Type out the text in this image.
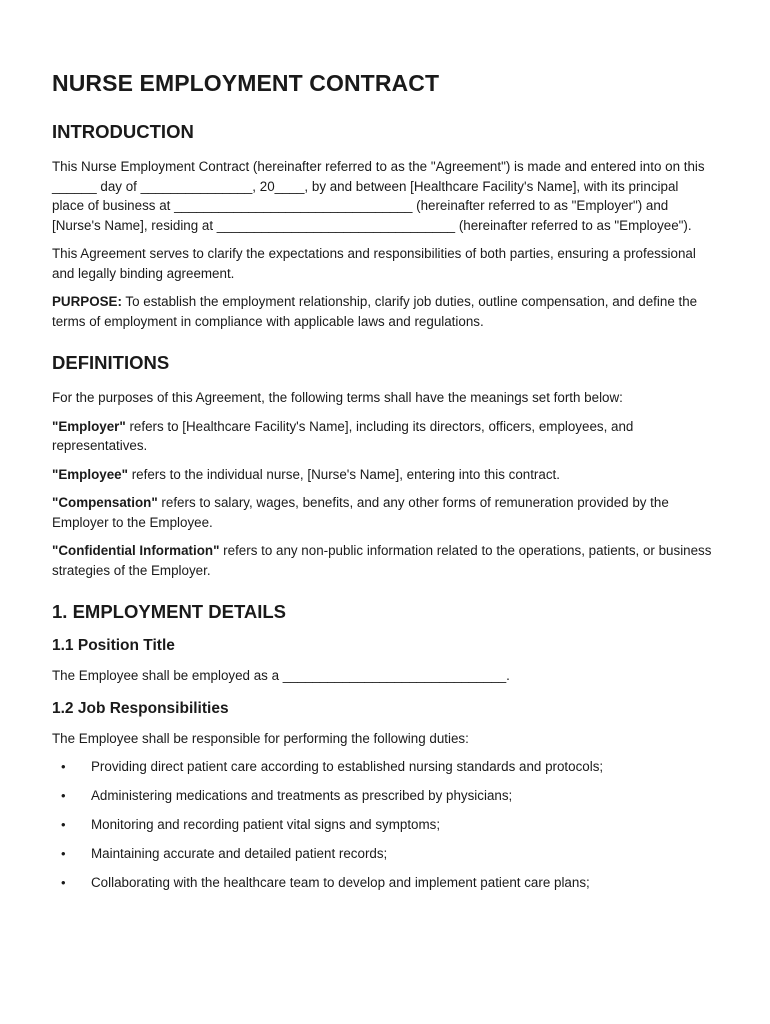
NURSE EMPLOYMENT CONTRACT
INTRODUCTION

This Nurse Employment Contract (hereinafter referred to as the "Agreement") is made and entered into on this ______ day of _______________, 20____, by and between [Healthcare Facility's Name], with its principal place of business at ________________________________ (hereinafter referred to as "Employer") and [Nurse's Name], residing at ________________________________ (hereinafter referred to as "Employee").

This Agreement serves to clarify the expectations and responsibilities of both parties, ensuring a professional and legally binding agreement.

PURPOSE: To establish the employment relationship, clarify job duties, outline compensation, and define the terms of employment in compliance with applicable laws and regulations.

DEFINITIONS

For the purposes of this Agreement, the following terms shall have the meanings set forth below:

"Employer" refers to [Healthcare Facility's Name], including its directors, officers, employees, and representatives.

"Employee" refers to the individual nurse, [Nurse's Name], entering into this contract.

"Compensation" refers to salary, wages, benefits, and any other forms of remuneration provided by the Employer to the Employee.

"Confidential Information" refers to any non-public information related to the operations, patients, or business strategies of the Employer.

1. EMPLOYMENT DETAILS
1.1 Position Title

The Employee shall be employed as a ______________________________.

1.2 Job Responsibilities

The Employee shall be responsible for performing the following duties:

• Providing direct patient care according to established nursing standards and protocols;
• Administering medications and treatments as prescribed by physicians;
• Monitoring and recording patient vital signs and symptoms;
• Maintaining accurate and detailed patient records;
• Collaborating with the healthcare team to develop and implement patient care plans;
